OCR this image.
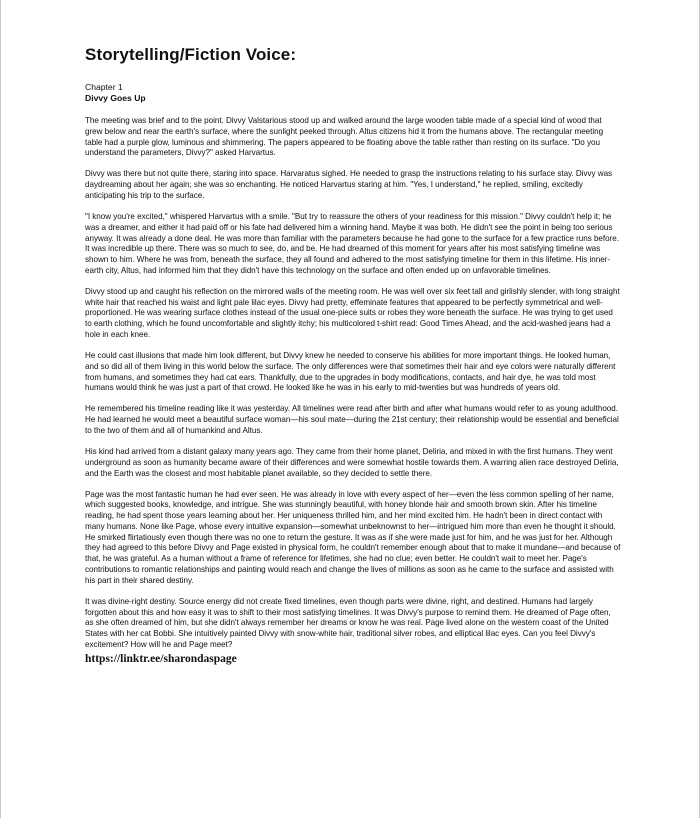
Storytelling/Fiction Voice:

Chapter 1

Divvy Goes Up

The meeting was brief and to the point. Divvy Valstarious stood up and walked around the large wooden table made of a special kind of wood that grew below and near the earth's surface, where the sunlight peeked through. Altus citizens hid it from the humans above. The rectangular meeting table had a purple glow, luminous and shimmering. The papers appeared to be floating above the table rather than resting on its surface. "Do you understand the parameters, Divvy?" asked Harvartus.

Divvy was there but not quite there, staring into space. Harvaratus sighed. He needed to grasp the instructions relating to his surface stay. Divvy was daydreaming about her again; she was so enchanting. He noticed Harvartus staring at him. "Yes, I understand," he replied, smiling, excitedly anticipating his trip to the surface.

"I know you're excited," whispered Harvartus with a smile. "But try to reassure the others of your readiness for this mission." Divvy couldn't help it; he was a dreamer, and either it had paid off or his fate had delivered him a winning hand. Maybe it was both. He didn't see the point in being too serious anyway. It was already a done deal. He was more than familiar with the parameters because he had gone to the surface for a few practice runs before. It was incredible up there. There was so much to see, do, and be. He had dreamed of this moment for years after his most satisfying timeline was shown to him. Where he was from, beneath the surface, they all found and adhered to the most satisfying timeline for them in this lifetime. His inner-earth city, Altus, had informed him that they didn't have this technology on the surface and often ended up on unfavorable timelines.

Divvy stood up and caught his reflection on the mirrored walls of the meeting room. He was well over six feet tall and girlishly slender, with long straight white hair that reached his waist and light pale lilac eyes. Divvy had pretty, effeminate features that appeared to be perfectly symmetrical and well-proportioned. He was wearing surface clothes instead of the usual one-piece suits or robes they wore beneath the surface. He was trying to get used to earth clothing, which he found uncomfortable and slightly itchy; his multicolored t-shirt read: Good Times Ahead, and the acid-washed jeans had a hole in each knee.

He could cast illusions that made him look different, but Divvy knew he needed to conserve his abilities for more important things. He looked human, and so did all of them living in this world below the surface. The only differences were that sometimes their hair and eye colors were naturally different from humans, and sometimes they had cat ears. Thankfully, due to the upgrades in body modifications, contacts, and hair dye, he was told most humans would think he was just a part of that crowd. He looked like he was in his early to mid-twenties but was hundreds of years old.

He remembered his timeline reading like it was yesterday. All timelines were read after birth and after what humans would refer to as young adulthood. He had learned he would meet a beautiful surface woman—his soul mate—during the 21st century; their relationship would be essential and beneficial to the two of them and all of humankind and Altus.

His kind had arrived from a distant galaxy many years ago. They came from their home planet, Deliria, and mixed in with the first humans. They went underground as soon as humanity became aware of their differences and were somewhat hostile towards them. A warring alien race destroyed Deliria, and the Earth was the closest and most habitable planet available, so they decided to settle there.

Page was the most fantastic human he had ever seen. He was already in love with every aspect of her—even the less common spelling of her name, which suggested books, knowledge, and intrigue. She was stunningly beautiful, with honey blonde hair and smooth brown skin. After his timeline reading, he had spent those years learning about her. Her uniqueness thrilled him, and her mind excited him. He hadn't been in direct contact with many humans. None like Page, whose every intuitive expansion—somewhat unbeknownst to her—intrigued him more than even he thought it should. He smirked flirtatiously even though there was no one to return the gesture. It was as if she were made just for him, and he was just for her. Although they had agreed to this before Divvy and Page existed in physical form, he couldn't remember enough about that to make it mundane—and because of that, he was grateful. As a human without a frame of reference for lifetimes, she had no clue; even better. He couldn't wait to meet her. Page's contributions to romantic relationships and painting would reach and change the lives of millions as soon as he came to the surface and assisted with his part in their shared destiny.

It was divine-right destiny. Source energy did not create fixed timelines, even though parts were divine, right, and destined. Humans had largely forgotten about this and how easy it was to shift to their most satisfying timelines. It was Divvy's purpose to remind them. He dreamed of Page often, as she often dreamed of him, but she didn't always remember her dreams or know he was real. Page lived alone on the western coast of the United States with her cat Bobbi. She intuitively painted Divvy with snow-white hair, traditional silver robes, and elliptical lilac eyes. Can you feel Divvy's excitement? How will he and Page meet?

https://linktr.ee/sharondaspage
